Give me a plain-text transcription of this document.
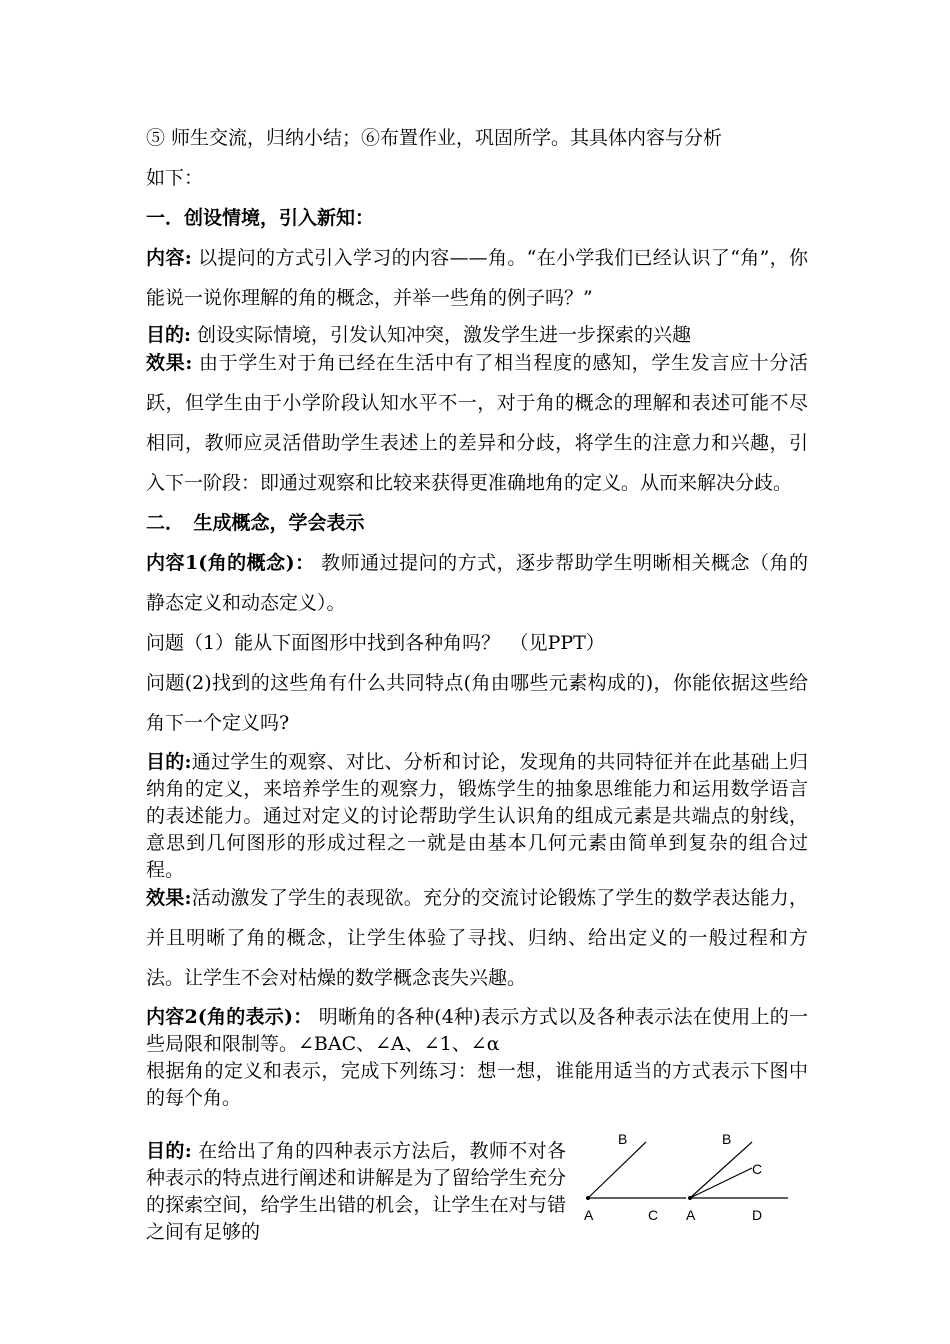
⑤ 师生交流，归纳小结；⑥布置作业，巩固所学。其具体内容与分析
如下：

一．创设情境，引入新知：

内容: 以提问的方式引入学习的内容——角。“在小学我们已经认识了“角”，你能说一说你理解的角的概念，并举一些角的例子吗？”

目的: 创设实际情境，引发认知冲突，激发学生进一步探索的兴趣

效果: 由于学生对于角已经在生活中有了相当程度的感知，学生发言应十分活跃，但学生由于小学阶段认知水平不一，对于角的概念的理解和表述可能不尽相同，教师应灵活借助学生表述上的差异和分歧，将学生的注意力和兴趣，引入下一阶段：即通过观察和比较来获得更准确地角的定义。从而来解决分歧。

二．　生成概念，学会表示

内容1(角的概念)： 教师通过提问的方式，逐步帮助学生明晰相关概念（角的静态定义和动态定义）。

问题（1）能从下面图形中找到各种角吗？　（见PPT）

问题(2)找到的这些角有什么共同特点(角由哪些元素构成的)，你能依据这些给角下一个定义吗?

目的:通过学生的观察、对比、分析和讨论，发现角的共同特征并在此基础上归纳角的定义，来培养学生的观察力，锻炼学生的抽象思维能力和运用数学语言的表述能力。通过对定义的讨论帮助学生认识角的组成元素是共端点的射线，意思到几何图形的形成过程之一就是由基本几何元素由简单到复杂的组合过程。

效果:活动激发了学生的表现欲。充分的交流讨论锻炼了学生的数学表达能力，并且明晰了角的概念，让学生体验了寻找、归纳、给出定义的一般过程和方法。让学生不会对枯燥的数学概念丧失兴趣。

内容2(角的表示)： 明晰角的各种(4种)表示方式以及各种表示法在使用上的一些局限和限制等。∠BAC、∠A、∠1、∠α

根据角的定义和表示，完成下列练习：想一想，谁能用适当的方式表示下图中的每个角。

目的: 在给出了角的四种表示方法后，教师不对各种表示的特点进行阐述和讲解是为了留给学生充分的探索空间，给学生出错的机会，让学生在对与错之间有足够的

B
A	C
B
C
A	D
